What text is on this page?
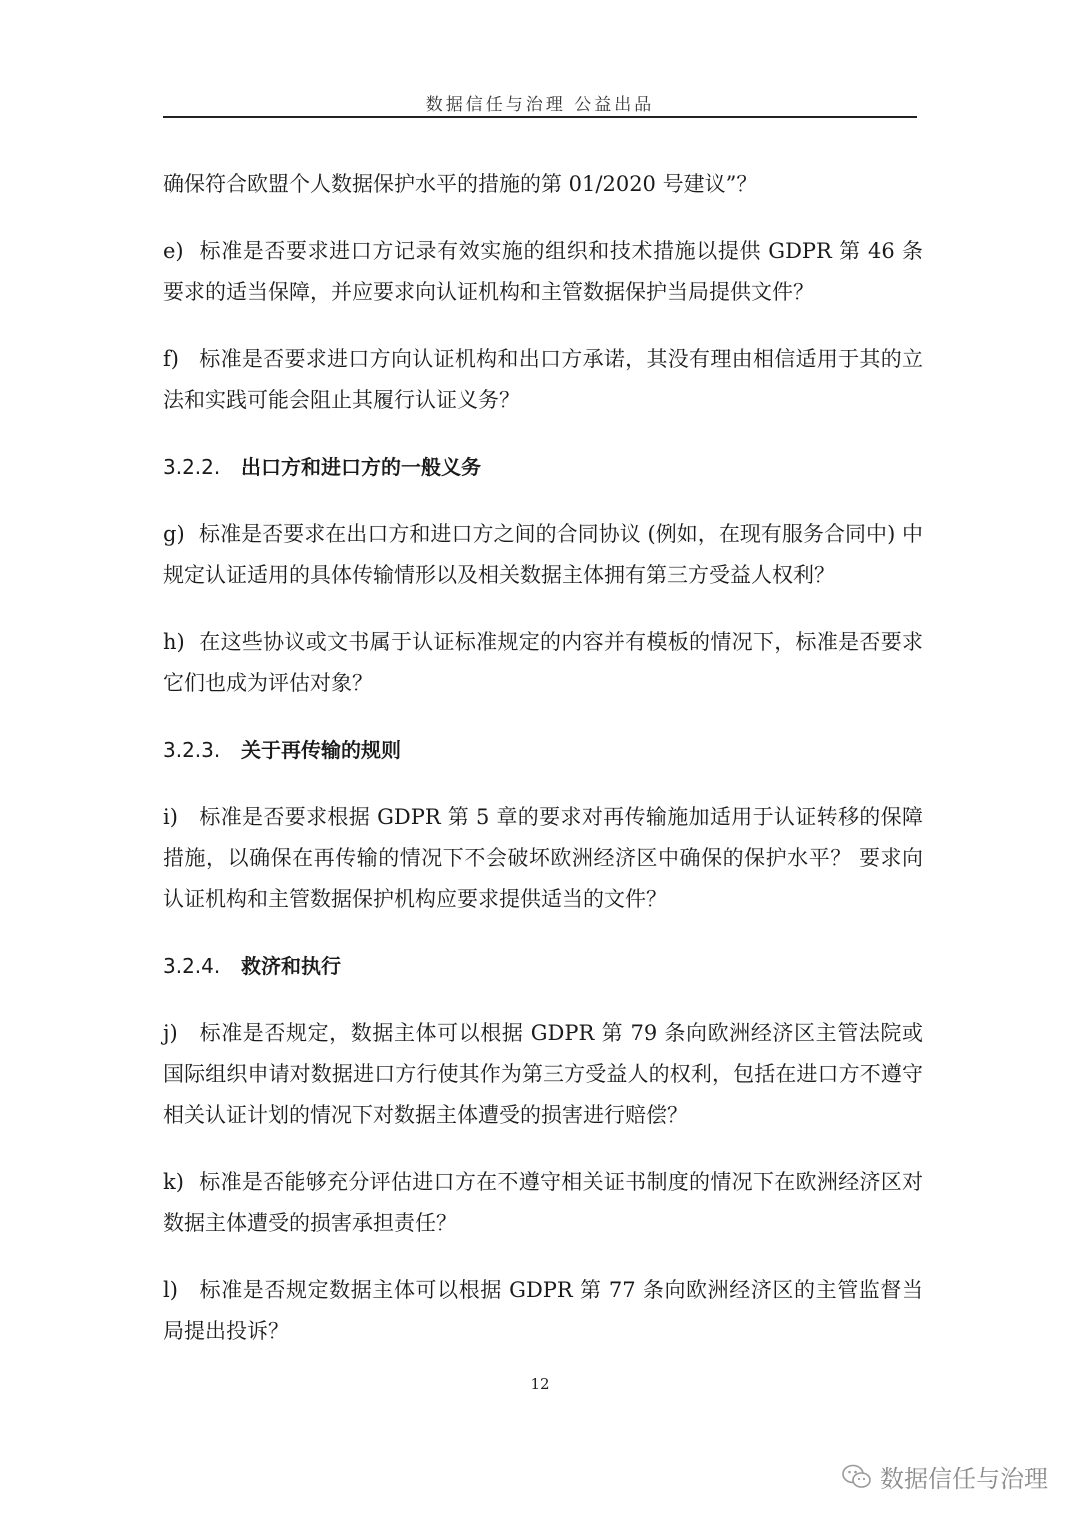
数据信任与治理 公益出品

确保符合欧盟个人数据保护水平的措施的第 01/2020 号建议”？

e) 标准是否要求进口方记录有效实施的组织和技术措施以提供 GDPR 第 46 条要求的适当保障，并应要求向认证机构和主管数据保护当局提供文件？

f) 标准是否要求进口方向认证机构和出口方承诺，其没有理由相信适用于其的立法和实践可能会阻止其履行认证义务？

3.2.2. 出口方和进口方的一般义务

g) 标准是否要求在出口方和进口方之间的合同协议 (例如，在现有服务合同中) 中规定认证适用的具体传输情形以及相关数据主体拥有第三方受益人权利？

h) 在这些协议或文书属于认证标准规定的内容并有模板的情况下，标准是否要求它们也成为评估对象？

3.2.3. 关于再传输的规则

i) 标准是否要求根据 GDPR 第 5 章的要求对再传输施加适用于认证转移的保障措施，以确保在再传输的情况下不会破坏欧洲经济区中确保的保护水平？ 要求向认证机构和主管数据保护机构应要求提供适当的文件？

3.2.4. 救济和执行

j) 标准是否规定，数据主体可以根据 GDPR 第 79 条向欧洲经济区主管法院或国际组织申请对数据进口方行使其作为第三方受益人的权利，包括在进口方不遵守相关认证计划的情况下对数据主体遭受的损害进行赔偿？

k) 标准是否能够充分评估进口方在不遵守相关证书制度的情况下在欧洲经济区对数据主体遭受的损害承担责任？

l) 标准是否规定数据主体可以根据 GDPR 第 77 条向欧洲经济区的主管监督当局提出投诉？

12
数据信任与治理
